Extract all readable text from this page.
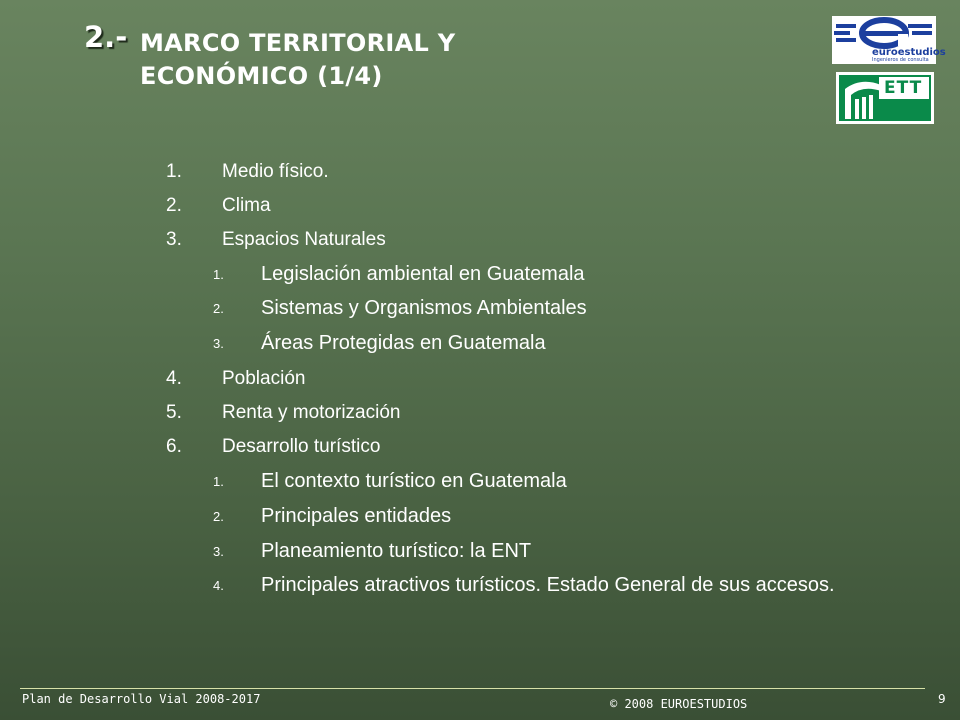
2.- MARCO TERRITORIAL Y
ECONÓMICO (1/4)
euroestudios
Ingenieros de consulta
ETT
1. Medio físico.
2. Clima
3. Espacios Naturales
1. Legislación ambiental en Guatemala
2. Sistemas y Organismos Ambientales
3. Áreas Protegidas en Guatemala
4. Población
5. Renta y motorización
6. Desarrollo turístico
1. El contexto turístico en Guatemala
2. Principales entidades
3. Planeamiento turístico: la ENT
4. Principales atractivos turísticos. Estado General de sus accesos.
Plan de Desarrollo Vial 2008-2017	© 2008 EUROESTUDIOS	9
